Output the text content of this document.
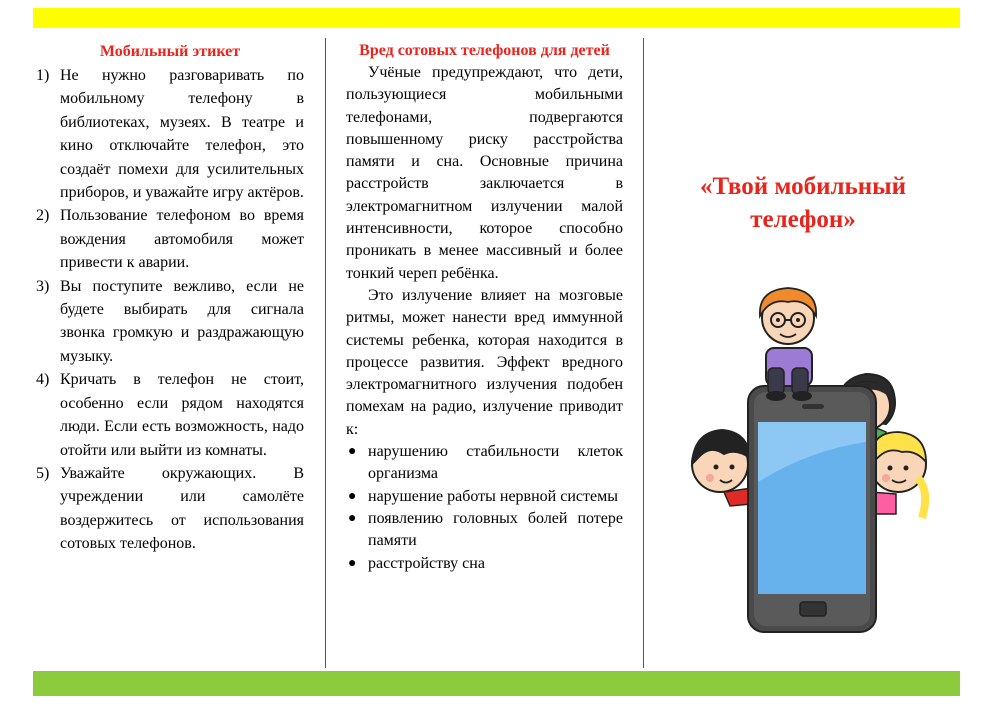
Мобильный этикет
1) Не нужно разговаривать по мобильному телефону в библиотеках, музеях. В театре и кино отключайте телефон, это создаёт помехи для усилительных приборов, и уважайте игру актёров.
2) Пользование телефоном во время вождения автомобиля может привести к аварии.
3) Вы поступите вежливо, если не будете выбирать для сигнала звонка громкую и раздражающую музыку.
4) Кричать в телефон не стоит, особенно если рядом находятся люди. Если есть возможность, надо отойти или выйти из комнаты.
5) Уважайте окружающих. В учреждении или самолёте воздержитесь от использования сотовых телефонов.
Вред сотовых телефонов для детей

Учёные предупреждают, что дети, пользующиеся мобильными телефонами, подвергаются повышенному риску расстройства памяти и сна. Основные причина расстройств заключается в электромагнитном излучении малой интенсивности, которое способно проникать в менее массивный и более тонкий череп ребёнка.

Это излучение влияет на мозговые ритмы, может нанести вред иммунной системы ребенка, которая находится в процессе развития. Эффект вредного электромагнитного излучения подобен помехам на радио, излучение приводит к:

● нарушению стабильности клеток организма
● нарушение работы нервной системы
● появлению головных болей потере памяти
● расстройству сна
«Твой мобильный телефон»
